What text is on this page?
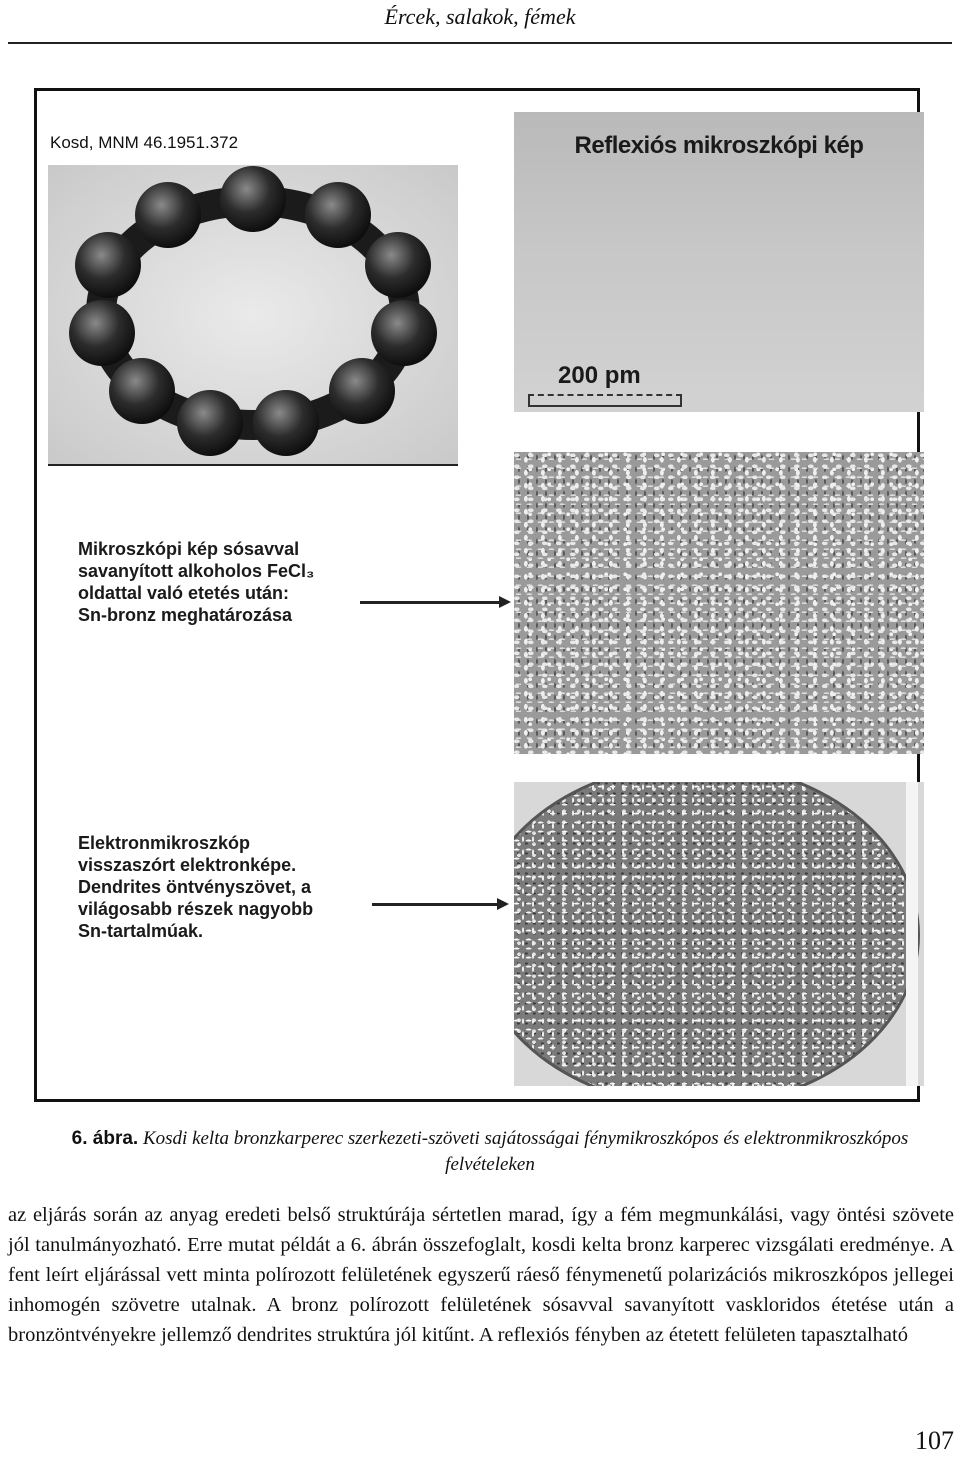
Ércek, salakok, fémek
Kosd, MNM 46.1951.372	Reflexiós mikroszkópi kép
200 pm
Mikroszkópi kép sósavval
savanyított alkoholos FeCl₃
oldattal való etetés után:
Sn-bronz meghatározása
Elektronmikroszkóp
visszaszórt elektronképe.
Dendrites öntvényszövet, a
világosabb részek nagyobb
Sn-tartalmúak.
6. ábra. Kosdi kelta bronzkarperec szerkezeti-szöveti sajátosságai fénymikroszkópos és elektronmikroszkópos felvételeken

az eljárás során az anyag eredeti belső struktúrája sértetlen marad, így a fém megmunkálási, vagy öntési szövete jól tanulmányozható. Erre mutat példát a 6. ábrán összefoglalt, kosdi kelta bronz karperec vizsgálati eredménye. A fent leírt eljárással vett minta polírozott felületének egyszerű ráeső fénymenetű polarizációs mikroszkópos jellegei inhomogén szövetre utalnak. A bronz polírozott felületének sósavval savanyított vaskloridos étetése után a bronzöntvényekre jellemző dendrites struktúra jól kitűnt. A reflexiós fényben az étetett felületen tapasztalható

107
